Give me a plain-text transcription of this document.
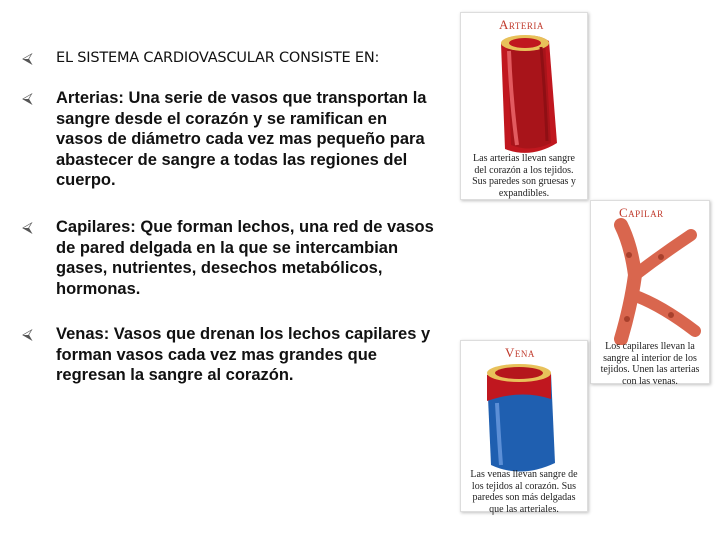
⮘	EL SISTEMA CARDIOVASCULAR CONSISTE EN:
⮘	Arterias: Una serie de vasos que transportan la sangre desde el corazón y se ramifican en vasos de diámetro cada vez mas pequeño para abastecer de sangre a todas las regiones del cuerpo.
⮘	Capilares: Que forman lechos, una red de vasos de pared delgada en la que se intercambian gases, nutrientes, desechos metabólicos, hormonas.
⮘	Venas: Vasos que drenan los lechos capilares y forman vasos cada vez mas grandes que regresan la sangre al corazón.
Arteria
Las arterias llevan sangre del corazón a los tejidos. Sus paredes son gruesas y expandibles.
Capilar
Los capilares llevan la sangre al interior de los tejidos. Unen las arterias con las venas.
Vena
Las venas llevan sangre de los tejidos al corazón. Sus paredes son más delgadas que las arteriales.
